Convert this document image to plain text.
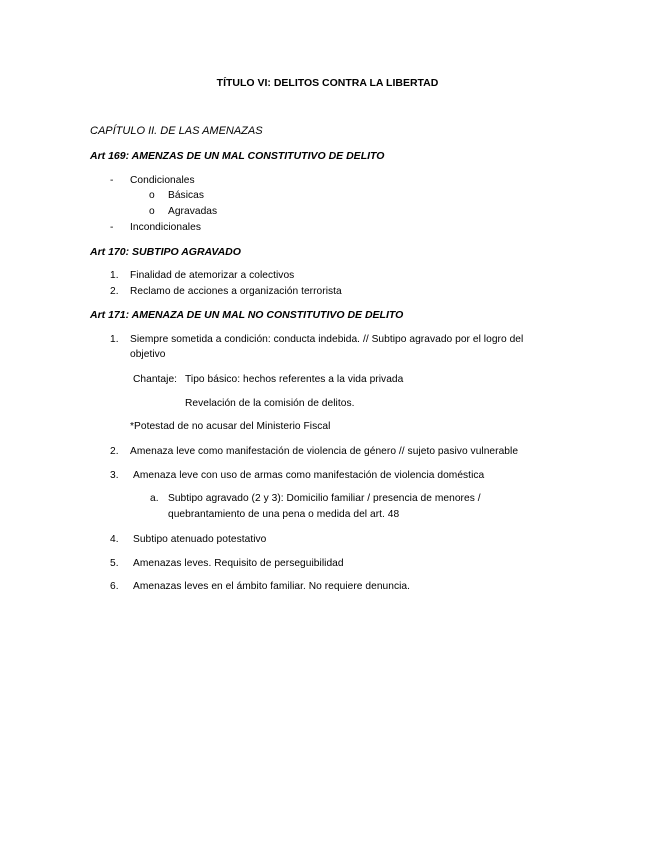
TÍTULO VI: DELITOS CONTRA LA LIBERTAD
CAPÍTULO II. DE LAS AMENAZAS
Art 169: AMENZAS DE UN MAL CONSTITUTIVO DE DELITO
- Condicionales
o Básicas
o Agravadas
- Incondicionales
Art 170: SUBTIPO AGRAVADO
1. Finalidad de atemorizar a colectivos
2. Reclamo de acciones a organización terrorista
Art 171: AMENAZA DE UN MAL NO CONSTITUTIVO DE DELITO
1. Siempre sometida a condición: conducta indebida. // Subtipo agravado por el logro del
objetivo
Chantaje: Tipo básico: hechos referentes a la vida privada
Revelación de la comisión de delitos.
*Potestad de no acusar del Ministerio Fiscal
2. Amenaza leve como manifestación de violencia de género // sujeto pasivo vulnerable
3. Amenaza leve con uso de armas como manifestación de violencia doméstica
a. Subtipo agravado (2 y 3): Domicilio familiar / presencia de menores /
quebrantamiento de una pena o medida del art. 48
4. Subtipo atenuado potestativo
5. Amenazas leves. Requisito de perseguibilidad
6. Amenazas leves en el ámbito familiar. No requiere denuncia.
